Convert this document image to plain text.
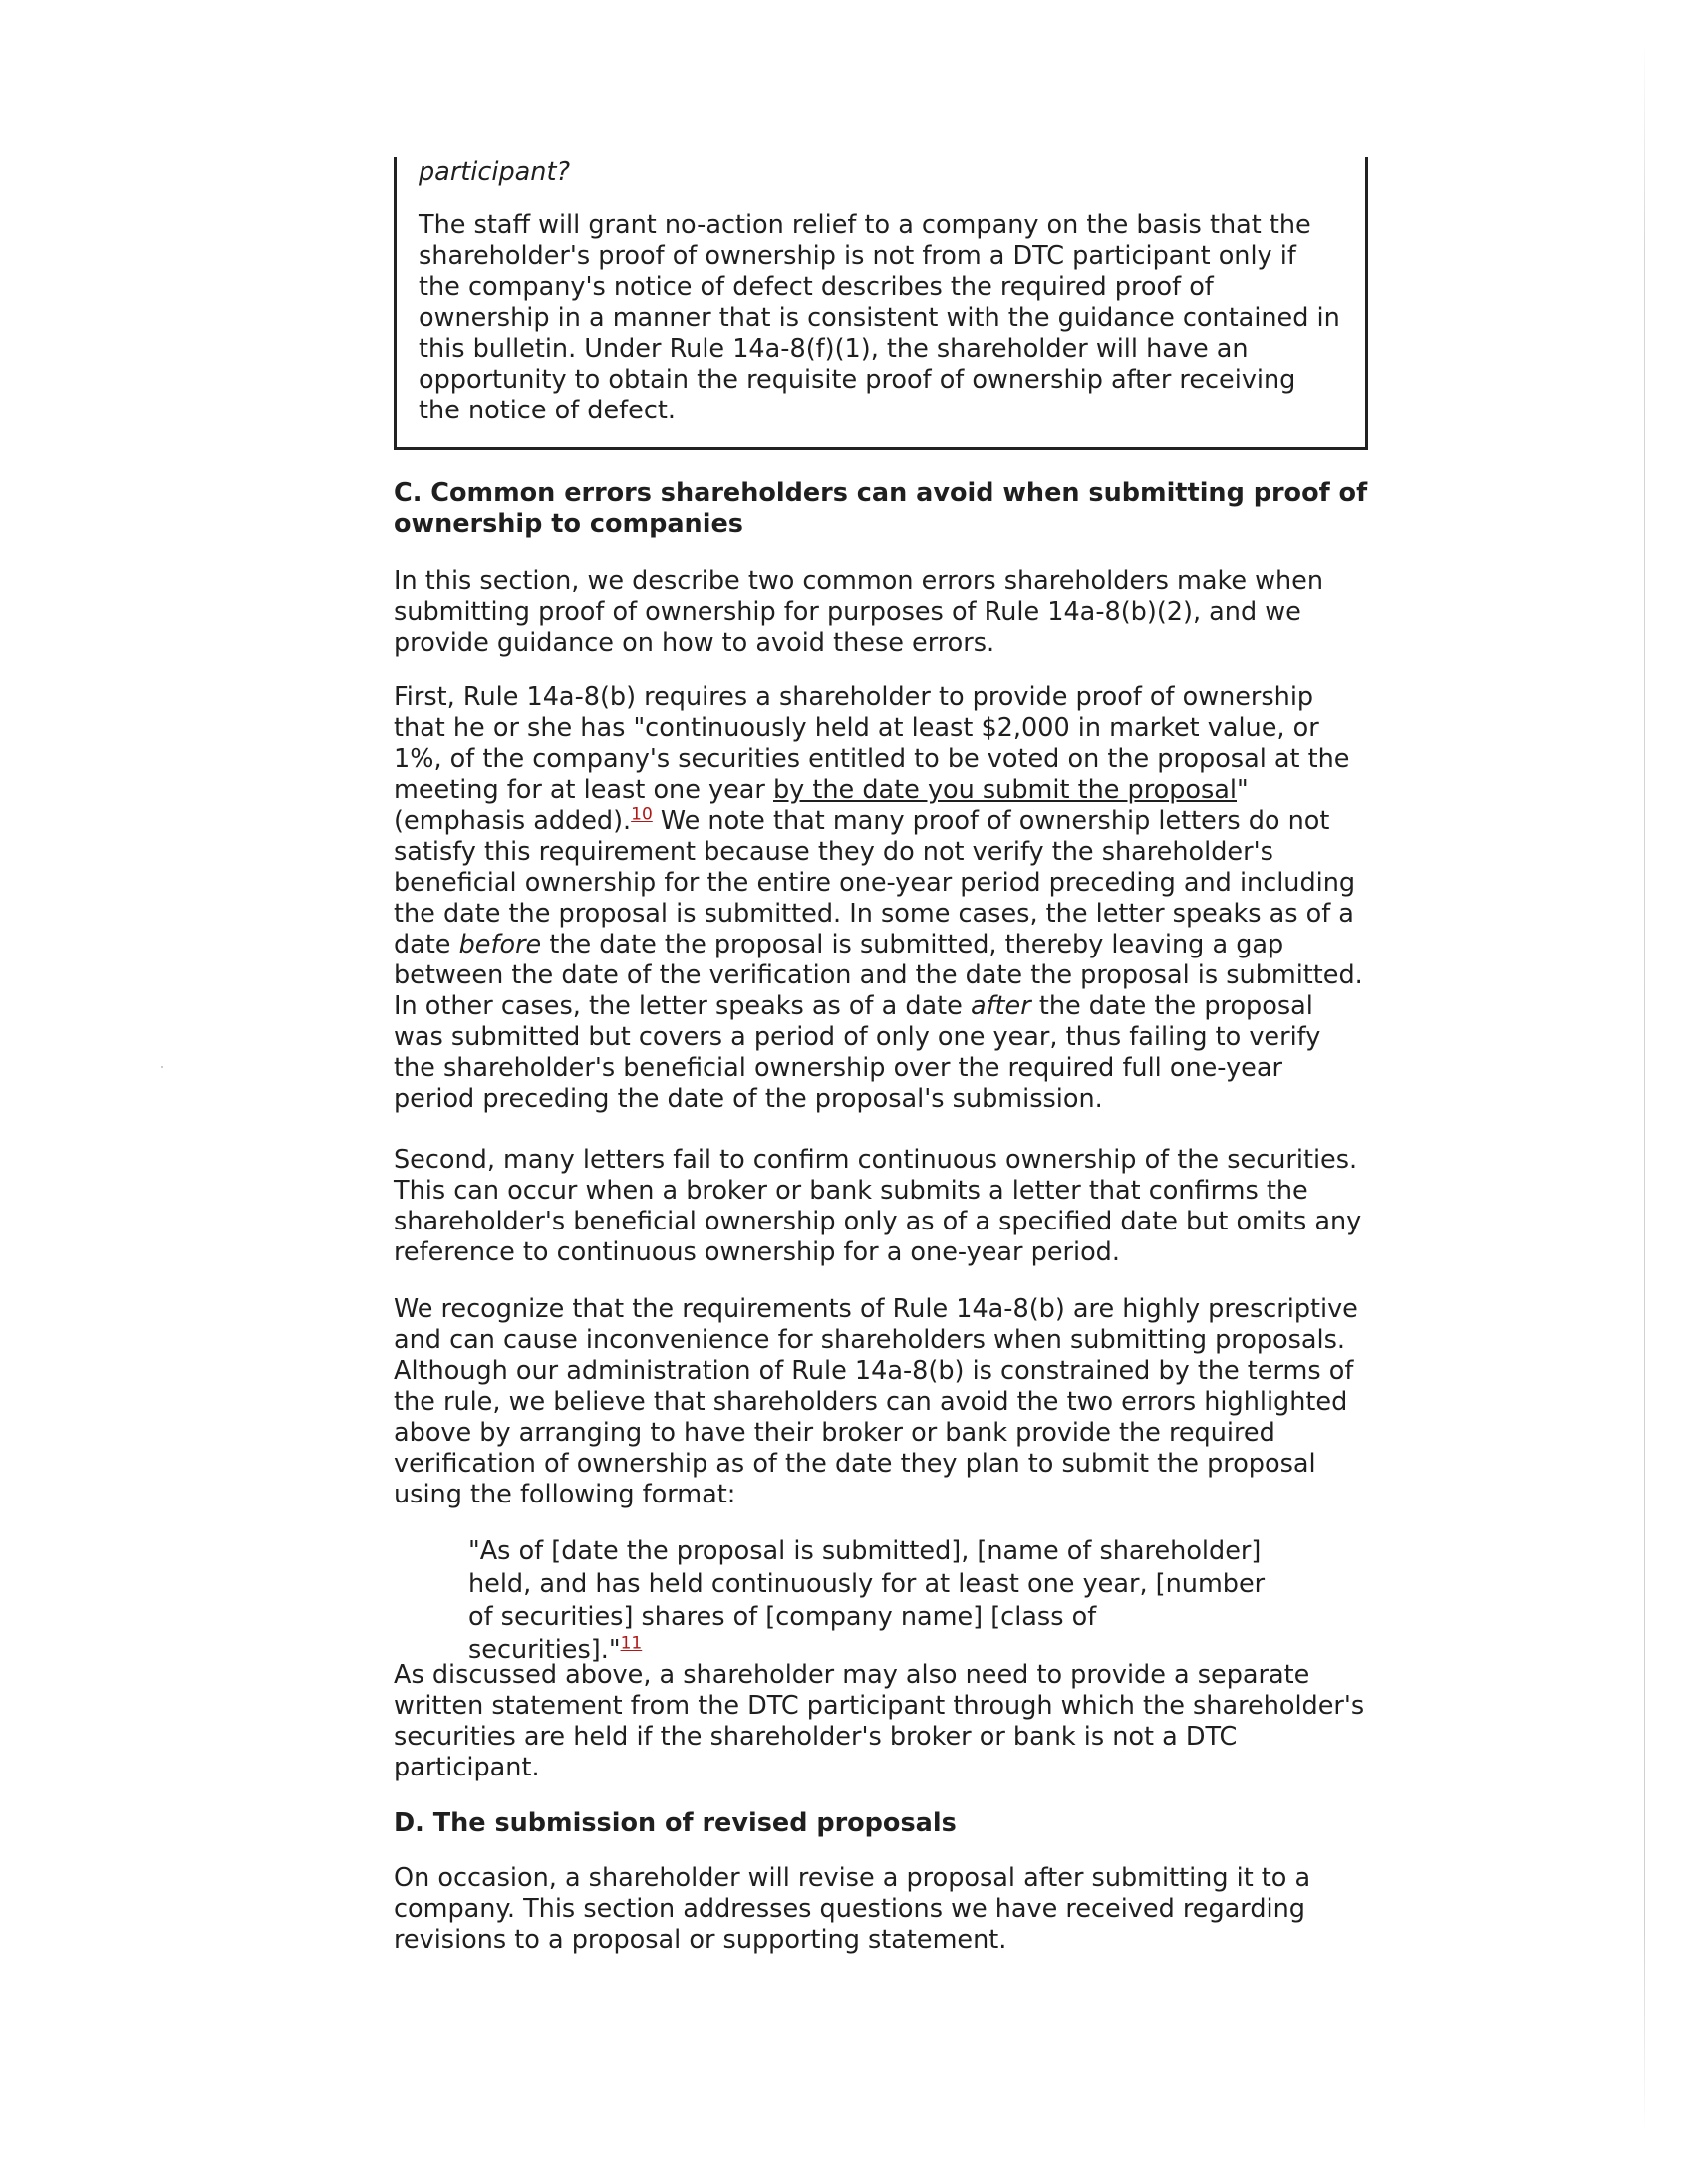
participant?

The staff will grant no-action relief to a company on the basis that the shareholder's proof of ownership is not from a DTC participant only if the company's notice of defect describes the required proof of ownership in a manner that is consistent with the guidance contained in this bulletin. Under Rule 14a-8(f)(1), the shareholder will have an opportunity to obtain the requisite proof of ownership after receiving the notice of defect.

C. Common errors shareholders can avoid when submitting proof of ownership to companies

In this section, we describe two common errors shareholders make when submitting proof of ownership for purposes of Rule 14a-8(b)(2), and we provide guidance on how to avoid these errors.

First, Rule 14a-8(b) requires a shareholder to provide proof of ownership that he or she has "continuously held at least $2,000 in market value, or 1%, of the company's securities entitled to be voted on the proposal at the meeting for at least one year by the date you submit the proposal" (emphasis added).$^{10}$ We note that many proof of ownership letters do not satisfy this requirement because they do not verify the shareholder's beneficial ownership for the entire one-year period preceding and including the date the proposal is submitted. In some cases, the letter speaks as of a date before the date the proposal is submitted, thereby leaving a gap between the date of the verification and the date the proposal is submitted. In other cases, the letter speaks as of a date after the date the proposal was submitted but covers a period of only one year, thus failing to verify the shareholder's beneficial ownership over the required full one-year period preceding the date of the proposal's submission.

Second, many letters fail to confirm continuous ownership of the securities. This can occur when a broker or bank submits a letter that confirms the shareholder's beneficial ownership only as of a specified date but omits any reference to continuous ownership for a one-year period.

We recognize that the requirements of Rule 14a-8(b) are highly prescriptive and can cause inconvenience for shareholders when submitting proposals. Although our administration of Rule 14a-8(b) is constrained by the terms of the rule, we believe that shareholders can avoid the two errors highlighted above by arranging to have their broker or bank provide the required verification of ownership as of the date they plan to submit the proposal using the following format:

"As of [date the proposal is submitted], [name of shareholder] held, and has held continuously for at least one year, [number of securities] shares of [company name] [class of securities]."$^{11}$

As discussed above, a shareholder may also need to provide a separate written statement from the DTC participant through which the shareholder's securities are held if the shareholder's broker or bank is not a DTC participant.

D. The submission of revised proposals

On occasion, a shareholder will revise a proposal after submitting it to a company. This section addresses questions we have received regarding revisions to a proposal or supporting statement.
